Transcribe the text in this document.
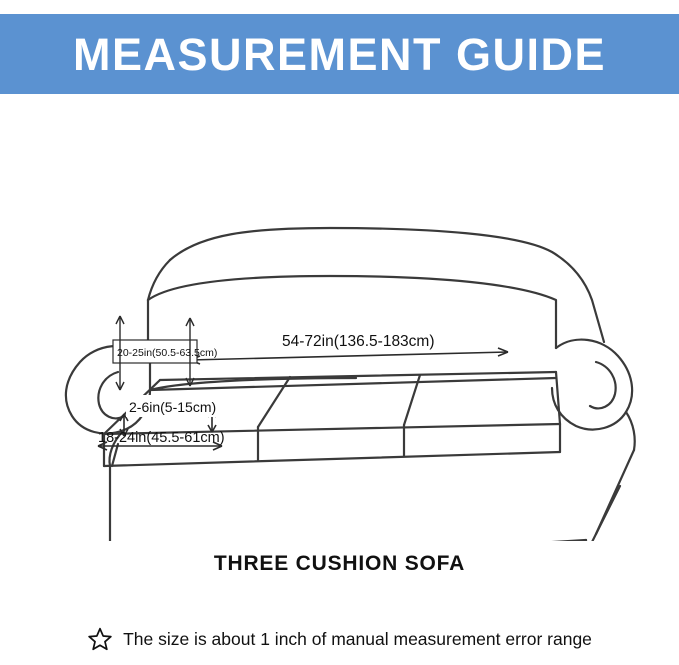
MEASUREMENT GUIDE
54-72in(136.5-183cm)
20-25in(50.5-63.5cm)
2-6in(5-15cm)
18-24in(45.5-61cm)
THREE CUSHION SOFA
The size is about 1 inch of manual measurement error range
